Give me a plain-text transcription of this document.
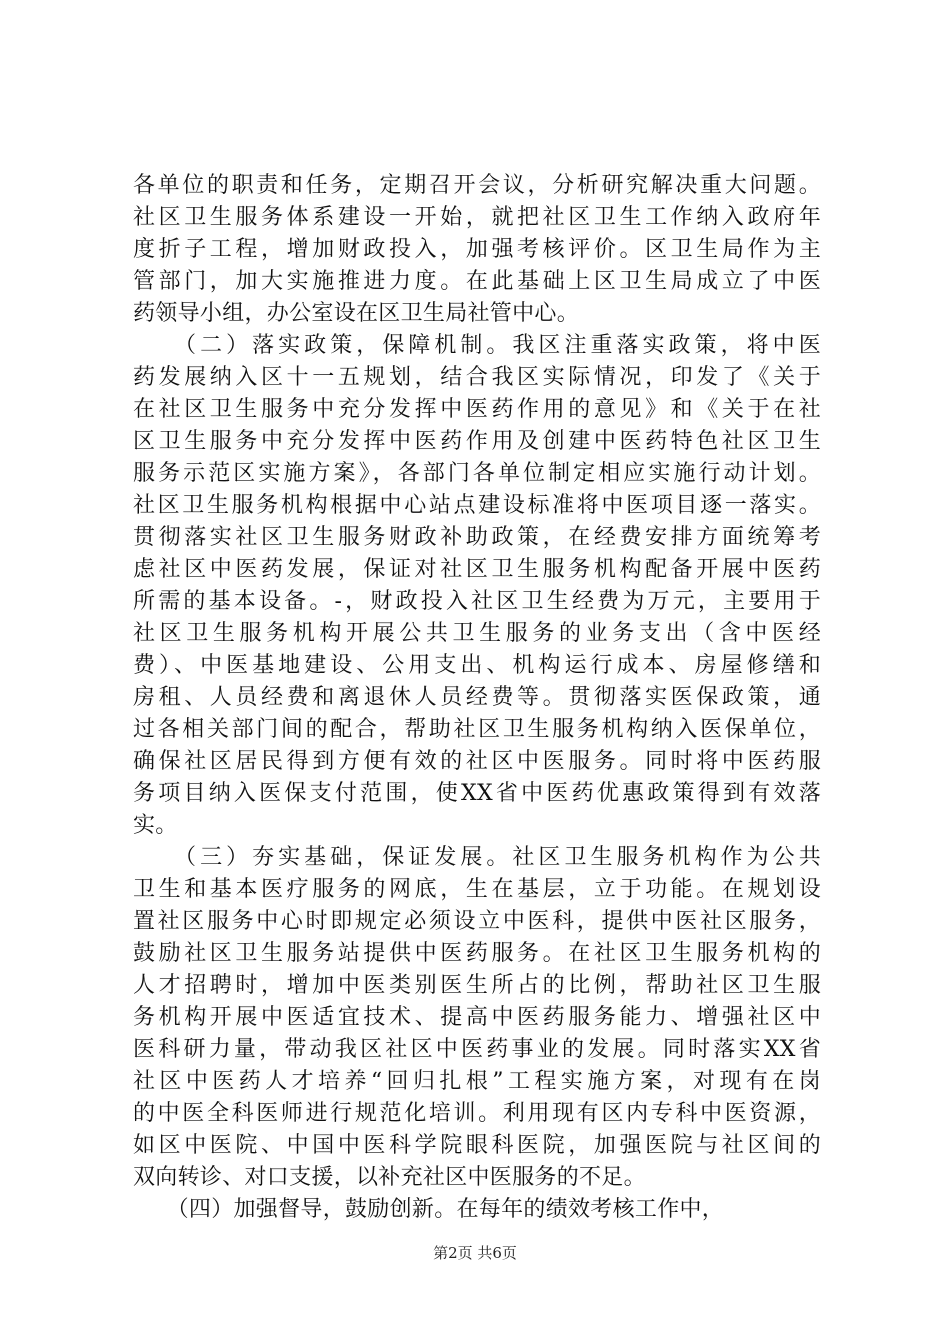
各单位的职责和任务，定期召开会议，分析研究解决重大问题。
社区卫生服务体系建设一开始，就把社区卫生工作纳入政府年
度折子工程，增加财政投入，加强考核评价。区卫生局作为主
管部门，加大实施推进力度。在此基础上区卫生局成立了中医
药领导小组，办公室设在区卫生局社管中心。
　　（二）落实政策，保障机制。我区注重落实政策，将中医
药发展纳入区十一五规划，结合我区实际情况，印发了《关于
在社区卫生服务中充分发挥中医药作用的意见》和《关于在社
区卫生服务中充分发挥中医药作用及创建中医药特色社区卫生
服务示范区实施方案》，各部门各单位制定相应实施行动计划。
社区卫生服务机构根据中心站点建设标准将中医项目逐一落实。
贯彻落实社区卫生服务财政补助政策，在经费安排方面统筹考
虑社区中医药发展，保证对社区卫生服务机构配备开展中医药
所需的基本设备。-，财政投入社区卫生经费为万元，主要用于
社区卫生服务机构开展公共卫生服务的业务支出（含中医经
费）、中医基地建设、公用支出、机构运行成本、房屋修缮和
房租、人员经费和离退休人员经费等。贯彻落实医保政策，通
过各相关部门间的配合，帮助社区卫生服务机构纳入医保单位，
确保社区居民得到方便有效的社区中医服务。同时将中医药服
务项目纳入医保支付范围，使XX省中医药优惠政策得到有效落
实。
　　（三）夯实基础，保证发展。社区卫生服务机构作为公共
卫生和基本医疗服务的网底，生在基层，立于功能。在规划设
置社区服务中心时即规定必须设立中医科，提供中医社区服务，
鼓励社区卫生服务站提供中医药服务。在社区卫生服务机构的
人才招聘时，增加中医类别医生所占的比例，帮助社区卫生服
务机构开展中医适宜技术、提高中医药服务能力、增强社区中
医科研力量，带动我区社区中医药事业的发展。同时落实XX省
社区中医药人才培养“回归扎根”工程实施方案，对现有在岗
的中医全科医师进行规范化培训。利用现有区内专科中医资源，
如区中医院、中国中医科学院眼科医院，加强医院与社区间的
双向转诊、对口支援，以补充社区中医服务的不足。
　　（四）加强督导，鼓励创新。在每年的绩效考核工作中，
第2页 共6页
